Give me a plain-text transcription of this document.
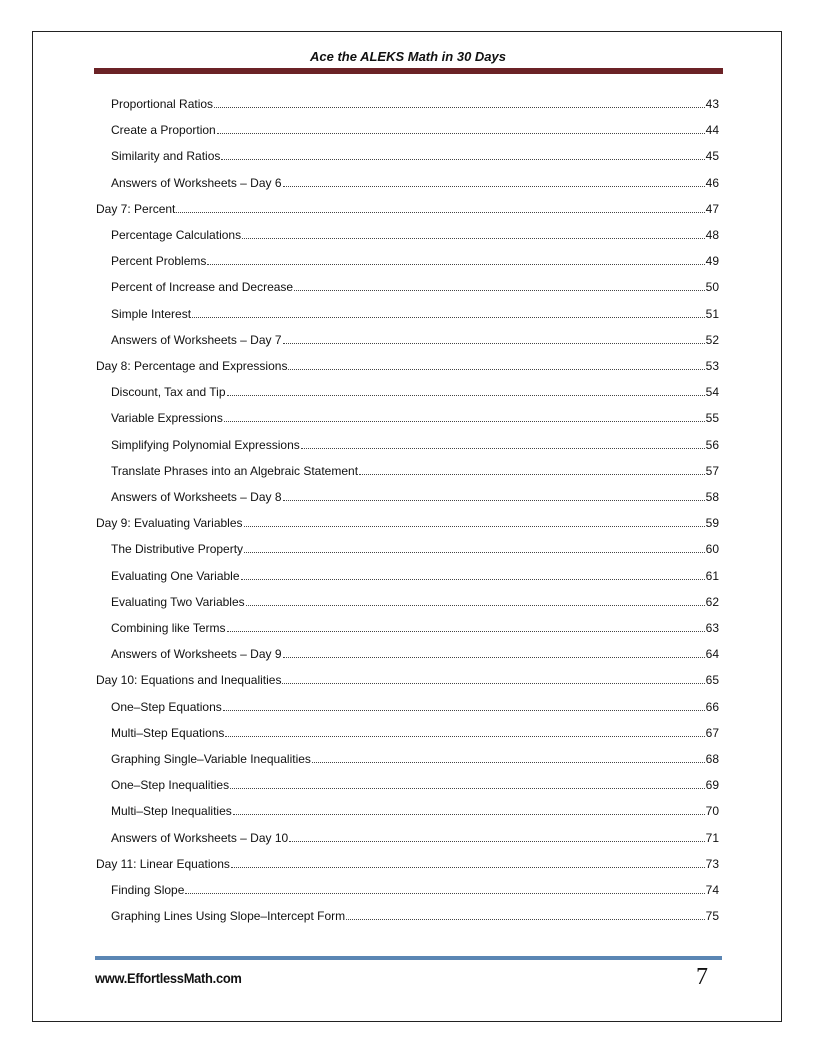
Ace the ALEKS Math in 30 Days
Proportional Ratios	43
Create a Proportion	44
Similarity and Ratios	45
Answers of Worksheets – Day 6	46
Day 7: Percent	47
Percentage Calculations	48
Percent Problems	49
Percent of Increase and Decrease	50
Simple Interest	51
Answers of Worksheets – Day 7	52
Day 8: Percentage and Expressions	53
Discount, Tax and Tip	54
Variable Expressions	55
Simplifying Polynomial Expressions	56
Translate Phrases into an Algebraic Statement	57
Answers of Worksheets – Day 8	58
Day 9: Evaluating Variables	59
The Distributive Property	60
Evaluating One Variable	61
Evaluating Two Variables	62
Combining like Terms	63
Answers of Worksheets – Day 9	64
Day 10: Equations and Inequalities	65
One–Step Equations	66
Multi–Step Equations	67
Graphing Single–Variable Inequalities	68
One–Step Inequalities	69
Multi–Step Inequalities	70
Answers of Worksheets – Day 10	71
Day 11: Linear Equations	73
Finding Slope	74
Graphing Lines Using Slope–Intercept Form	75
www.EffortlessMath.com	7
